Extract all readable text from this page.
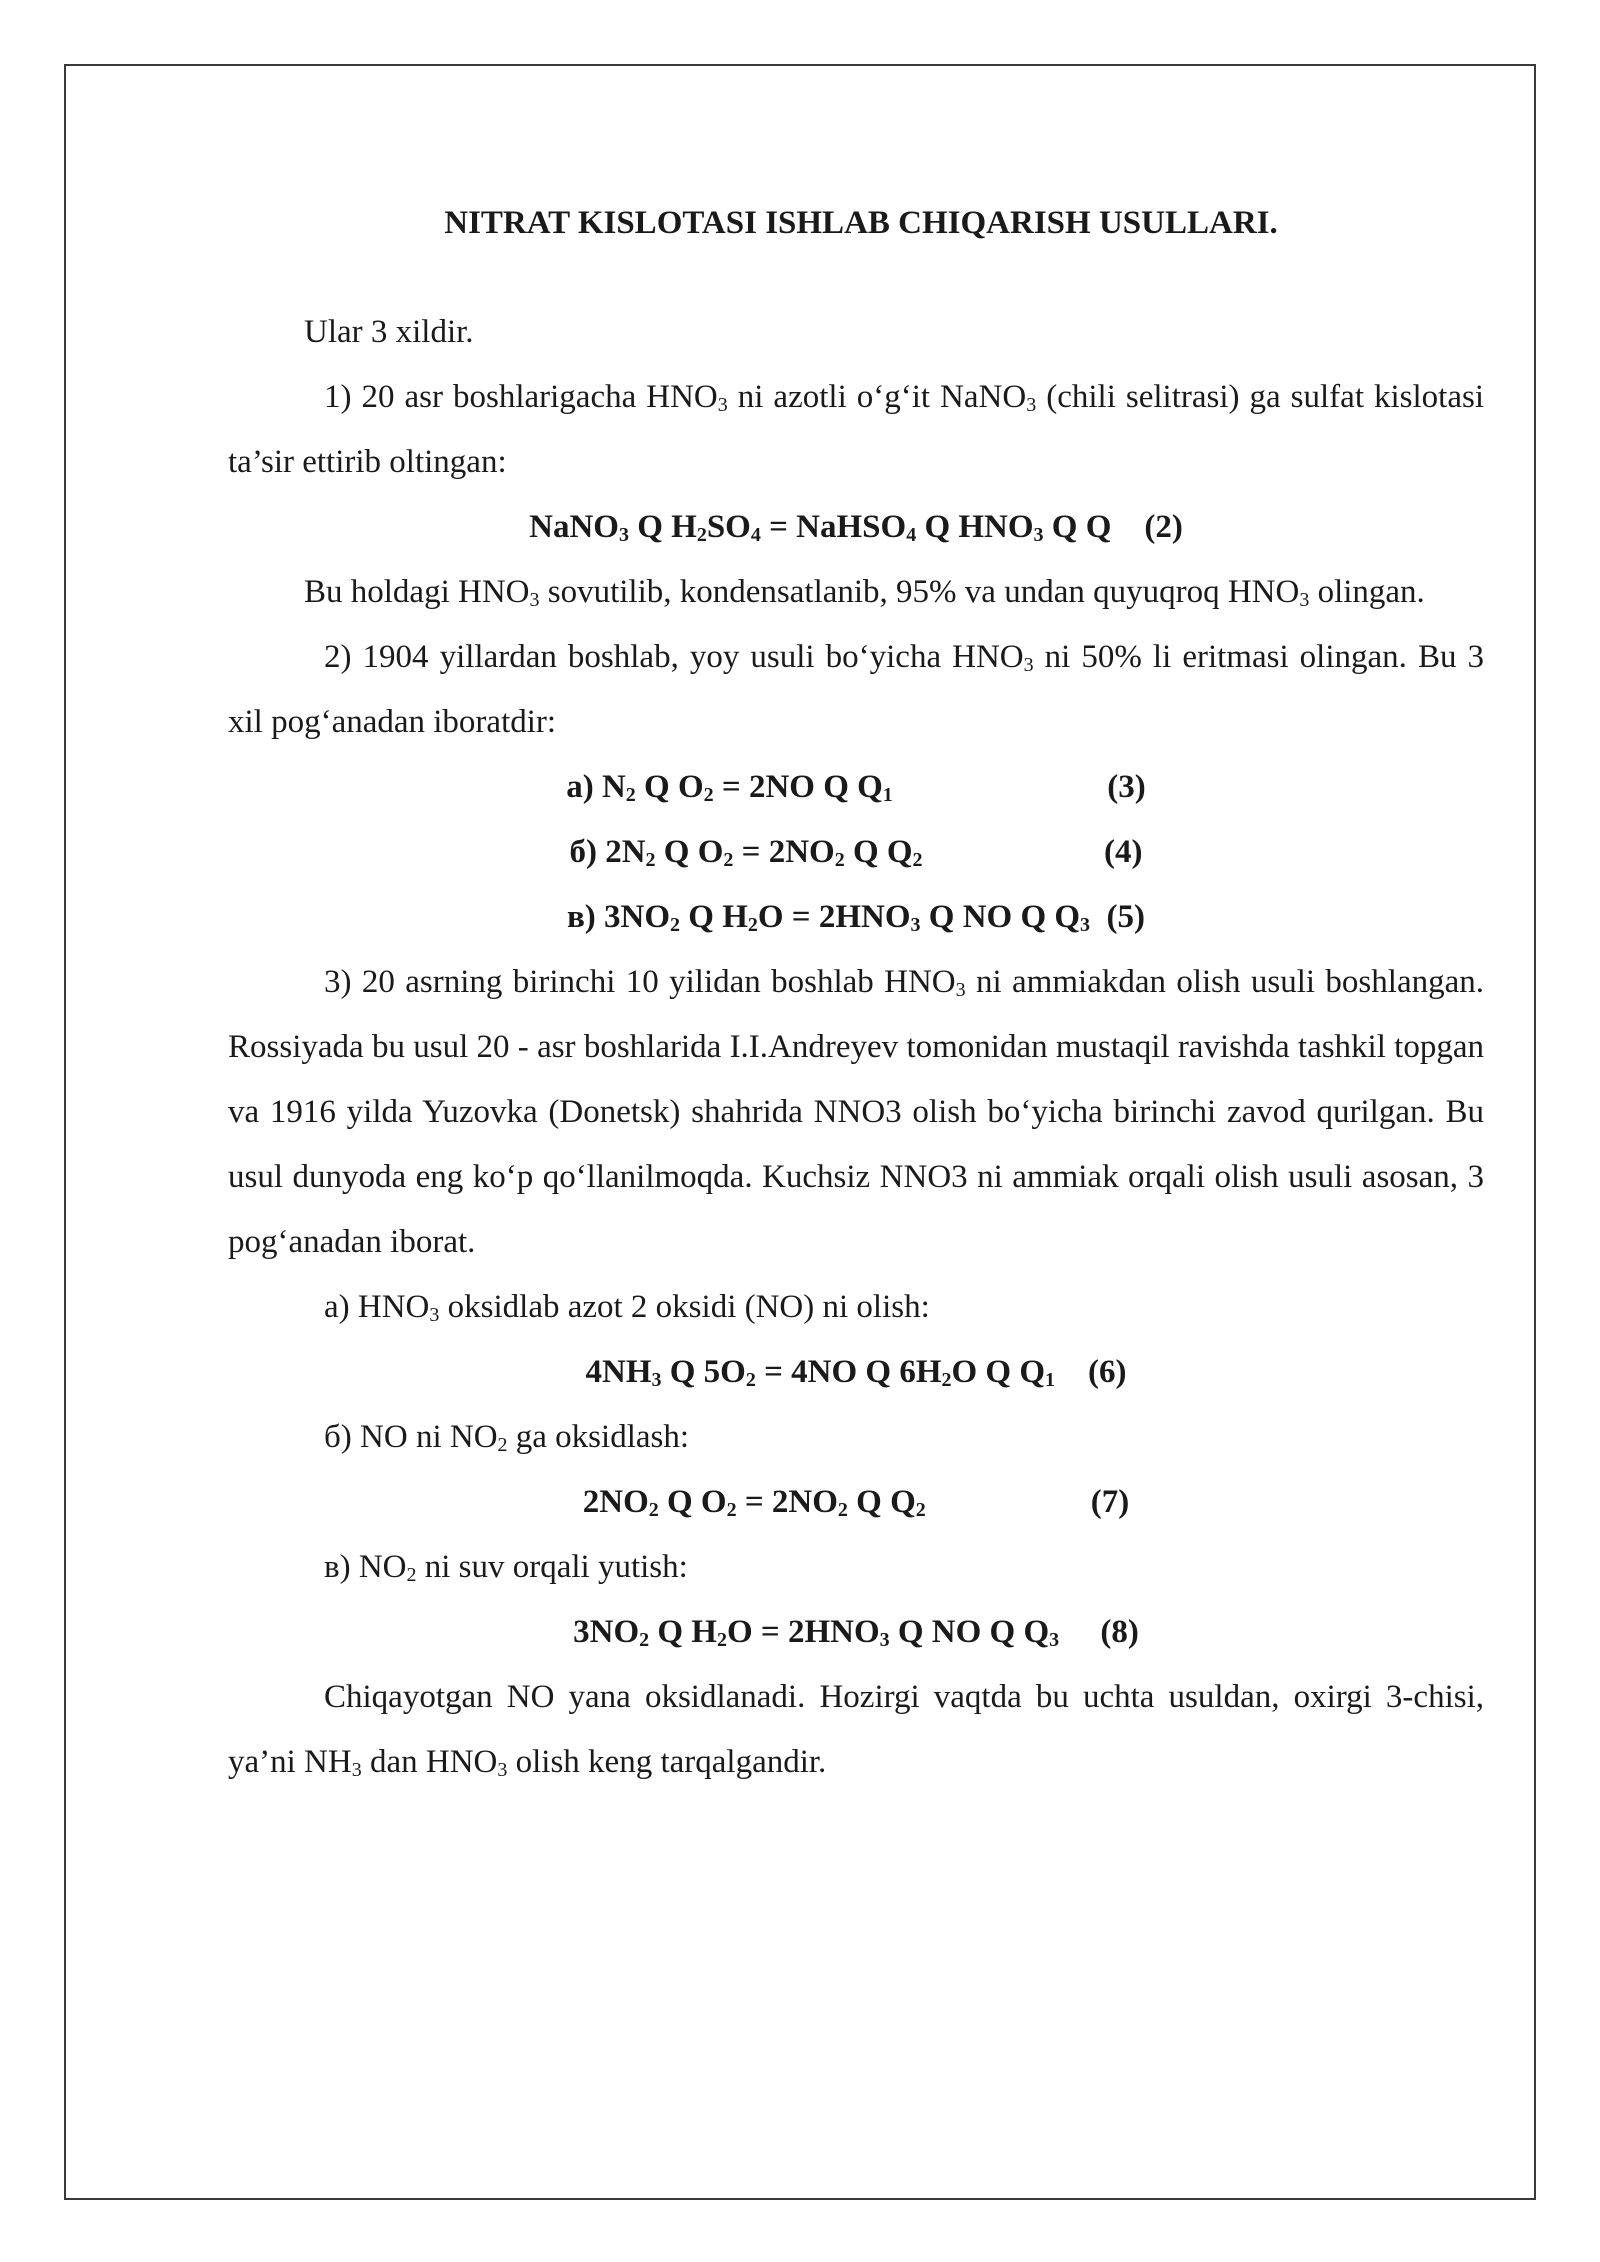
NITRAT KISLOTASI ISHLAB CHIQARISH USULLARI.

Ular 3 xildir.

1) 20 asr boshlarigacha $HNO_3$ ni azotli o‘g‘it NaNO$_3$ (chili selitrasi) ga sulfat kislotasi ta’sir ettirib oltingan:

NaNO$_3$ Q $H_2SO_4$ = NaHSO$_4$ Q $HNO_3$ Q Q (2)

Bu holdagi $HNO_3$ sovutilib, kondensatlanib, 95% va undan quyuqroq $HNO_3$ olingan.

2) 1904 yillardan boshlab, yoy usuli bo‘yicha $HNO_3$ ni 50% li eritmasi olingan. Bu 3 xil pog‘anadan iboratdir:

а) $N_2$ Q $O_2 = 2NO$ Q $Q_1$	(3)
б) $2N_2$ Q $O_2 = 2NO_2$ Q $Q_2$	(4)
в) $3NO_2$ Q $H_2O = 2HNO_3$ Q NO Q $Q_3$ (5)

3) 20 asrning birinchi 10 yilidan boshlab $HNO_3$ ni ammiakdan olish usuli boshlangan. Rossiyada bu usul 20 - asr boshlarida I.I.Andreyev tomonidan mustaqil ravishda tashkil topgan va 1916 yilda Yuzovka (Donetsk) shahrida NNO3 olish bo‘yicha birinchi zavod qurilgan. Bu usul dunyoda eng ko‘p qo‘llanilmoqda. Kuchsiz NNO3 ni ammiak orqali olish usuli asosan, 3 pog‘anadan iborat.

а) $HNO_3$ oksidlab azot 2 oksidi (NO) ni olish:

$4NH_3$ Q $5O_2 = 4NO$ Q $6H_2O$ Q $Q_1$ (6)

б) NO ni $NO_2$ ga oksidlash:

$2NO_2$ Q $O_2 = 2NO_2$ Q $Q_2$	(7)

в) $NO_2$ ni suv orqali yutish:

$3NO_2$ Q $H_2O = 2HNO_3$ Q NO Q $Q_3$ (8)

Chiqayotgan NO yana oksidlanadi. Hozirgi vaqtda bu uchta usuldan, oxirgi 3-chisi, ya’ni $NH_3$ dan $HNO_3$ olish keng tarqalgandir.
